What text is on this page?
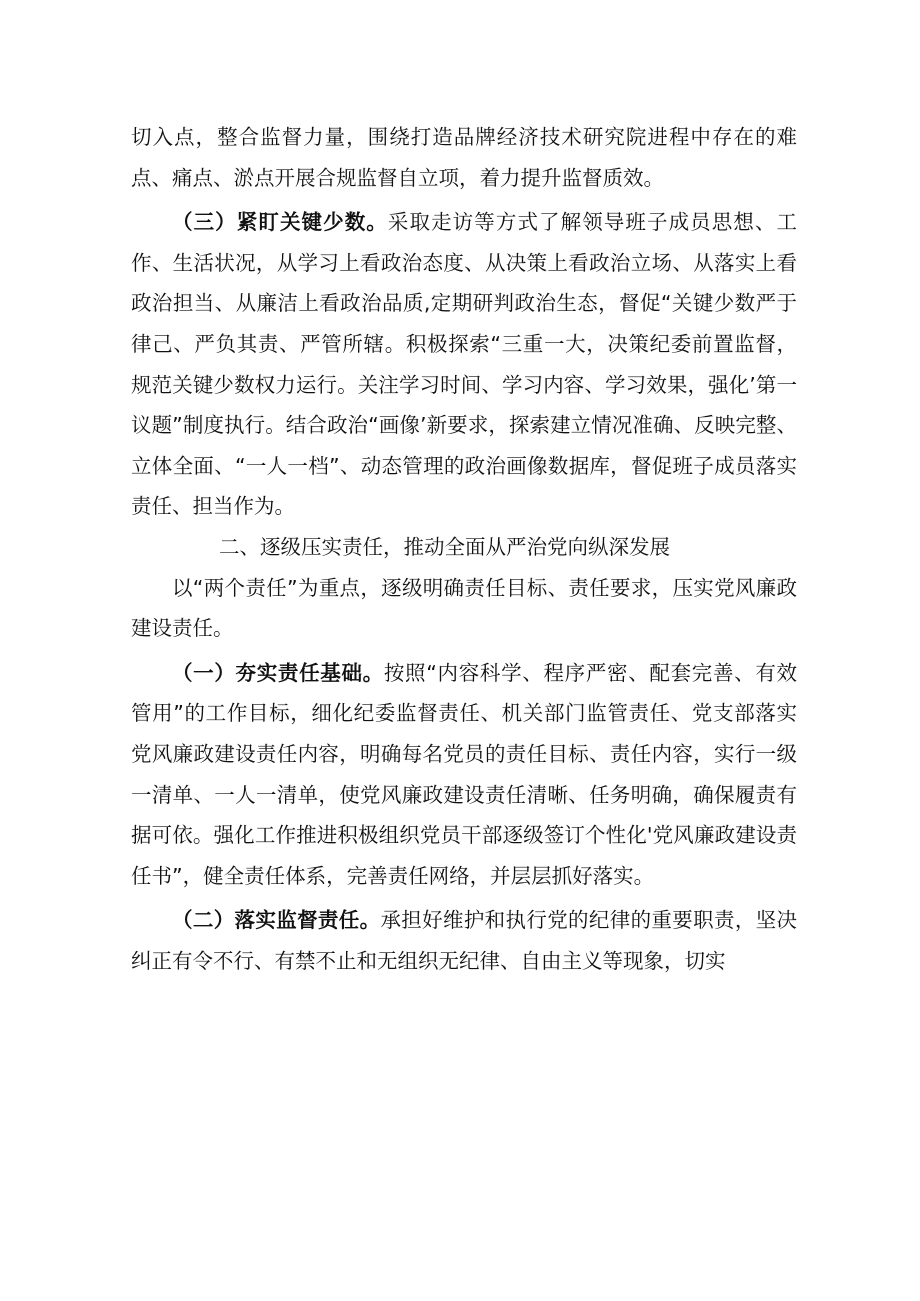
切入点，整合监督力量，围绕打造品牌经济技术研究院进程中存在的难点、痛点、淤点开展合规监督自立项，着力提升监督质效。

（三）紧盯关键少数。采取走访等方式了解领导班子成员思想、工作、生活状况，从学习上看政治态度、从决策上看政治立场、从落实上看政治担当、从廉洁上看政治品质,定期研判政治生态，督促“关键少数严于律己、严负其责、严管所辖。积极探索“三重一大，决策纪委前置监督，规范关键少数权力运行。关注学习时间、学习内容、学习效果，强化’第一议题”制度执行。结合政治“画像’新要求，探索建立情况准确、反映完整、立体全面、“一人一档”、动态管理的政治画像数据库，督促班子成员落实责任、担当作为。

二、逐级压实责任，推动全面从严治党向纵深发展

以“两个责任”为重点，逐级明确责任目标、责任要求，压实党风廉政建设责任。

（一）夯实责任基础。按照“内容科学、程序严密、配套完善、有效管用”的工作目标，细化纪委监督责任、机关部门监管责任、党支部落实党风廉政建设责任内容，明确每名党员的责任目标、责任内容，实行一级一清单、一人一清单，使党风廉政建设责任清晰、任务明确，确保履责有据可依。强化工作推进积极组织党员干部逐级签订个性化'党风廉政建设责任书”，健全责任体系，完善责任网络，并层层抓好落实。

（二）落实监督责任。承担好维护和执行党的纪律的重要职责，坚决纠正有令不行、有禁不止和无组织无纪律、自由主义等现象，切实
